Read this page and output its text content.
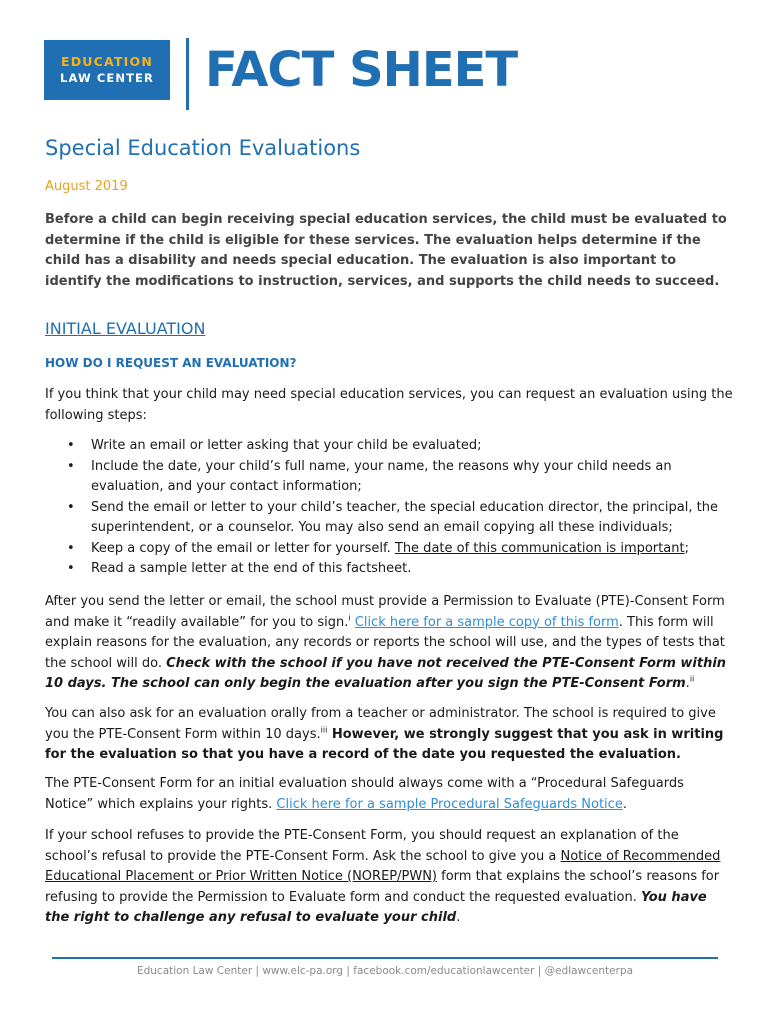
EDUCATION
LAW CENTER FACT SHEET
Special Education Evaluations
August 2019
Before a child can begin receiving special education services, the child must be evaluated to determine if the child is eligible for these services. The evaluation helps determine if the child has a disability and needs special education. The evaluation is also important to identify the modifications to instruction, services, and supports the child needs to succeed.
INITIAL EVALUATION
HOW DO I REQUEST AN EVALUATION?
If you think that your child may need special education services, you can request an evaluation using the following steps:
• Write an email or letter asking that your child be evaluated;
• Include the date, your child’s full name, your name, the reasons why your child needs an evaluation, and your contact information;
• Send the email or letter to your child’s teacher, the special education director, the principal, the superintendent, or a counselor. You may also send an email copying all these individuals;
• Keep a copy of the email or letter for yourself. The date of this communication is important;
• Read a sample letter at the end of this factsheet.
After you send the letter or email, the school must provide a Permission to Evaluate (PTE)-Consent Form and make it “readily available” for you to sign.$^i$ Click here for a sample copy of this form. This form will explain reasons for the evaluation, any records or reports the school will use, and the types of tests that the school will do. Check with the school if you have not received the PTE-Consent Form within 10 days. The school can only begin the evaluation after you sign the PTE-Consent Form.$^{ii}$
You can also ask for an evaluation orally from a teacher or administrator. The school is required to give you the PTE-Consent Form within 10 days.$^{iii}$ However, we strongly suggest that you ask in writing for the evaluation so that you have a record of the date you requested the evaluation.
The PTE-Consent Form for an initial evaluation should always come with a “Procedural Safeguards Notice” which explains your rights. Click here for a sample Procedural Safeguards Notice.
If your school refuses to provide the PTE-Consent Form, you should request an explanation of the school’s refusal to provide the PTE-Consent Form. Ask the school to give you a Notice of Recommended Educational Placement or Prior Written Notice (NOREP/PWN) form that explains the school’s reasons for refusing to provide the Permission to Evaluate form and conduct the requested evaluation. You have the right to challenge any refusal to evaluate your child.
Education Law Center | www.elc-pa.org | facebook.com/educationlawcenter | @edlawcenterpa
